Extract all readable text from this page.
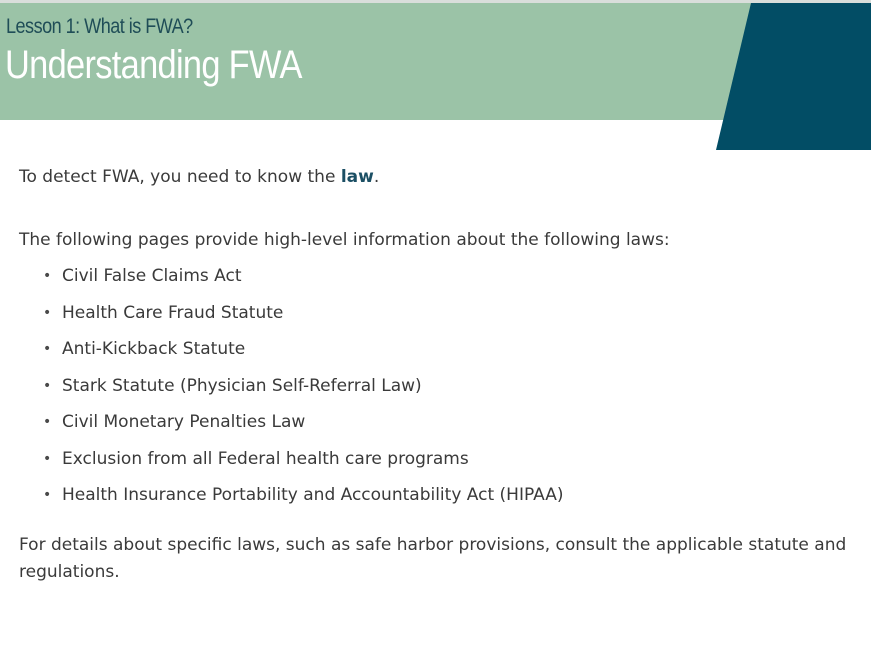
Lesson 1: What is FWA?
Understanding FWA

To detect FWA, you need to know the law.

The following pages provide high-level information about the following laws:

• Civil False Claims Act
• Health Care Fraud Statute
• Anti-Kickback Statute
• Stark Statute (Physician Self-Referral Law)
• Civil Monetary Penalties Law
• Exclusion from all Federal health care programs
• Health Insurance Portability and Accountability Act (HIPAA)

For details about specific laws, such as safe harbor provisions, consult the applicable statute and regulations.
